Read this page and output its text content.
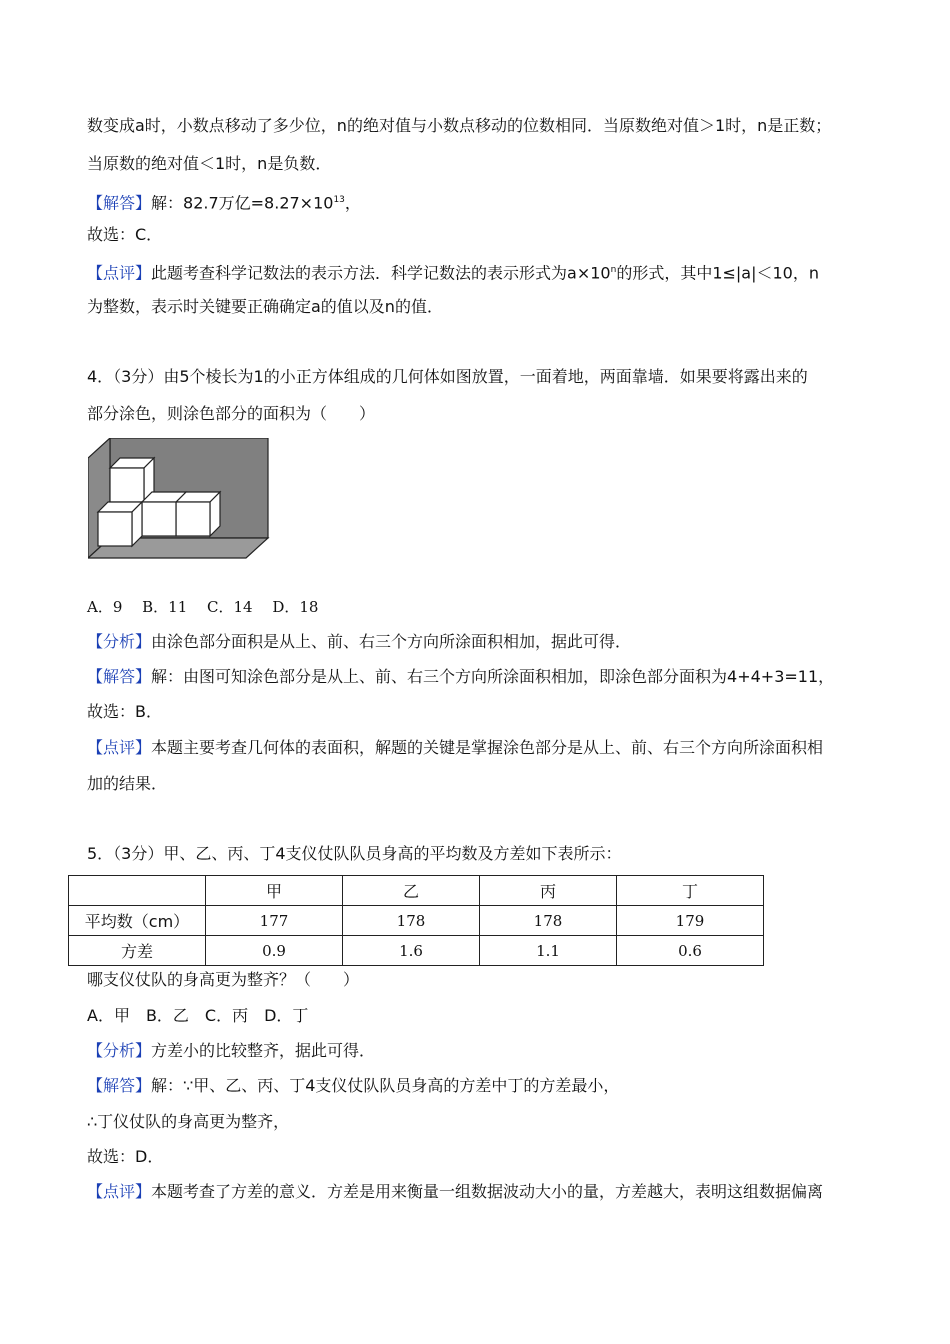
数变成a时，小数点移动了多少位，n的绝对值与小数点移动的位数相同．当原数绝对值＞1时，n是正数；
当原数的绝对值＜1时，n是负数．
【解答】解：82.7万亿$=8.27\times 10^{13}$，
故选：C．
【点评】此题考查科学记数法的表示方法．科学记数法的表示形式为$a\times 10^n$的形式，其中1≤|a|＜10，n
为整数，表示时关键要正确确定a的值以及n的值．
4．（3分）由5个棱长为1的小正方体组成的几何体如图放置，一面着地，两面靠墙．如果要将露出来的
部分涂色，则涂色部分的面积为（　　）
A．9　 B．11　 C．14　 D．18
【分析】由涂色部分面积是从上、前、右三个方向所涂面积相加，据此可得．
【解答】解：由图可知涂色部分是从上、前、右三个方向所涂面积相加，即涂色部分面积为4+4+3=11，
故选：B．
【点评】本题主要考查几何体的表面积，解题的关键是掌握涂色部分是从上、前、右三个方向所涂面积相
加的结果．
5．（3分）甲、乙、丙、丁4支仪仗队队员身高的平均数及方差如下表所示：
	甲	乙	丙	丁
平均数（cm）	177	178	178	179
方差	0.9	1.6	1.1	0.6
哪支仪仗队的身高更为整齐？（　　）
A．甲　B．乙　C．丙　D．丁
【分析】方差小的比较整齐，据此可得．
【解答】解：∵甲、乙、丙、丁4支仪仗队队员身高的方差中丁的方差最小，
∴丁仪仗队的身高更为整齐，
故选：D．
【点评】本题考查了方差的意义．方差是用来衡量一组数据波动大小的量，方差越大，表明这组数据偏离
